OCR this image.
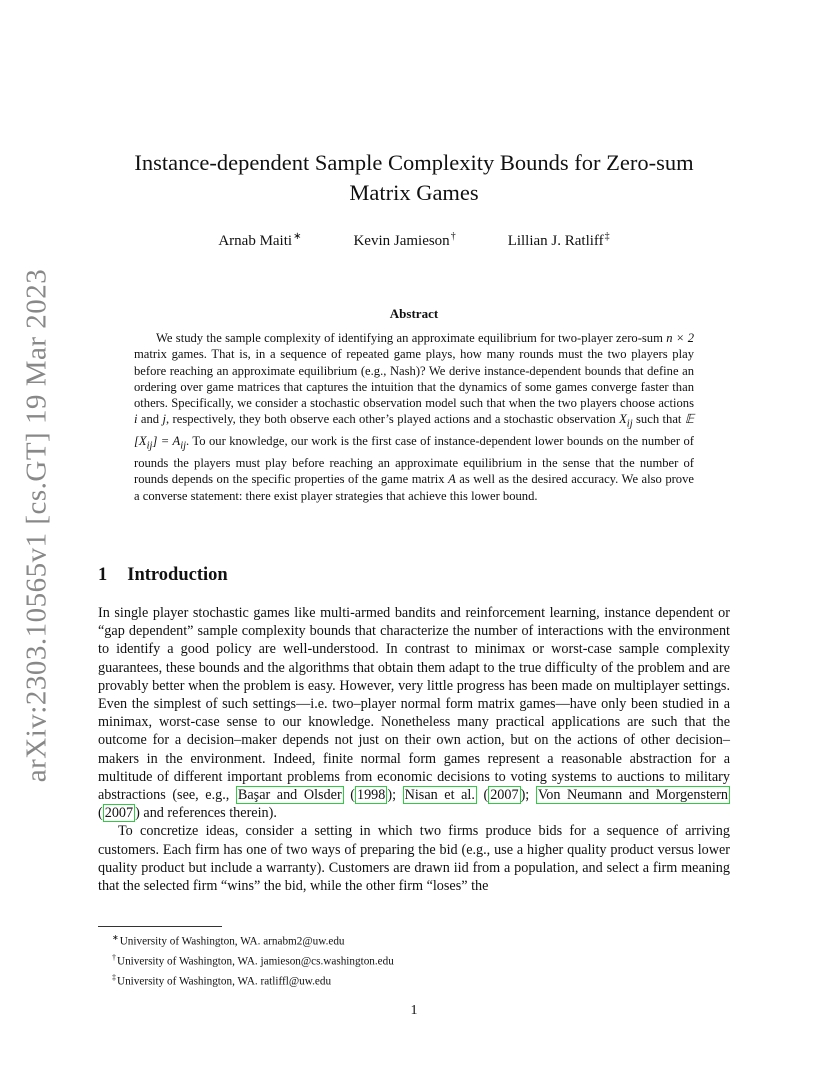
arXiv:2303.10565v1 [cs.GT] 19 Mar 2023
Instance-dependent Sample Complexity Bounds for Zero-sum Matrix Games
Arnab Maiti∗	Kevin Jamieson†	Lillian J. Ratliff‡
Abstract

We study the sample complexity of identifying an approximate equilibrium for two-player zero-sum n × 2 matrix games. That is, in a sequence of repeated game plays, how many rounds must the two players play before reaching an approximate equilibrium (e.g., Nash)? We derive instance-dependent bounds that define an ordering over game matrices that captures the intuition that the dynamics of some games converge faster than others. Specifically, we consider a stochastic observation model such that when the two players choose actions i and j, respectively, they both observe each other’s played actions and a stochastic observation $X_{ij}$ such that 𝔼 $[X_{ij}] = A_{ij}$. To our knowledge, our work is the first case of instance-dependent lower bounds on the number of rounds the players must play before reaching an approximate equilibrium in the sense that the number of rounds depends on the specific properties of the game matrix A as well as the desired accuracy. We also prove a converse statement: there exist player strategies that achieve this lower bound.

1 Introduction

In single player stochastic games like multi-armed bandits and reinforcement learning, instance dependent or “gap dependent” sample complexity bounds that characterize the number of interactions with the environment to identify a good policy are well-understood. In contrast to minimax or worst-case sample complexity guarantees, these bounds and the algorithms that obtain them adapt to the true difficulty of the problem and are provably better when the problem is easy. However, very little progress has been made on multiplayer settings. Even the simplest of such settings—i.e. two–player normal form matrix games—have only been studied in a minimax, worst-case sense to our knowledge. Nonetheless many practical applications are such that the outcome for a decision–maker depends not just on their own action, but on the actions of other decision–makers in the environment. Indeed, finite normal form games represent a reasonable abstraction for a multitude of different important problems from economic decisions to voting systems to auctions to military abstractions (see, e.g., Başar and Olsder ( 1998 ); Nisan et al. ( 2007 ); Von Neumann and Morgenstern ( 2007 ) and references therein).

To concretize ideas, consider a setting in which two firms produce bids for a sequence of arriving customers. Each firm has one of two ways of preparing the bid (e.g., use a higher quality product versus lower quality product but include a warranty). Customers are drawn iid from a population, and select a firm meaning that the selected firm “wins” the bid, while the other firm “loses” the

∗University of Washington, WA. arnabm2@uw.edu
†University of Washington, WA. jamieson@cs.washington.edu
‡University of Washington, WA. ratliffl@uw.edu
1
